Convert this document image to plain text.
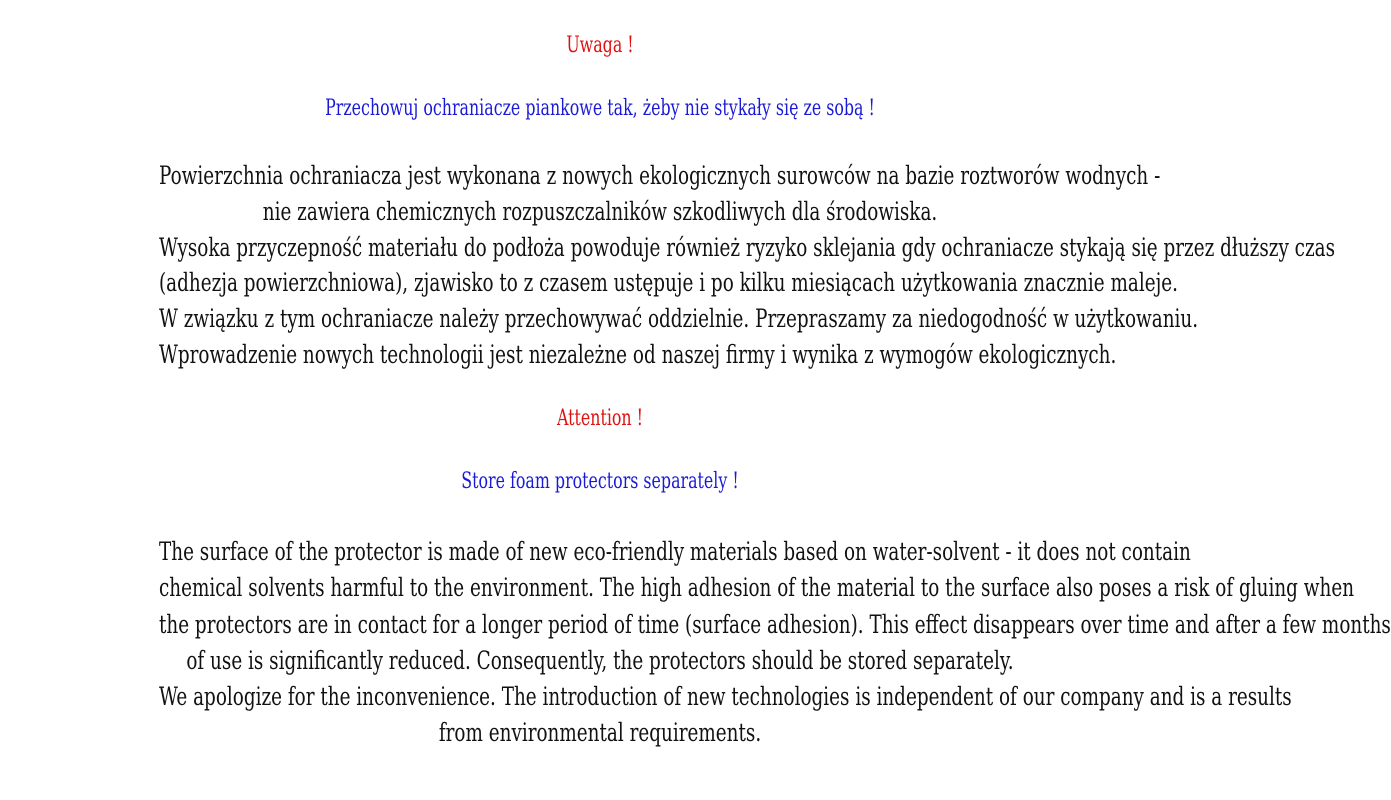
Uwaga !
Przechowuj ochraniacze piankowe tak, żeby nie stykały się ze sobą !
Powierzchnia ochraniacza jest wykonana z nowych ekologicznych surowców na bazie roztworów wodnych -
nie zawiera chemicznych rozpuszczalników szkodliwych dla środowiska.
Wysoka przyczepność materiału do podłoża powoduje również ryzyko sklejania gdy ochraniacze stykają się przez dłuższy czas
(adhezja powierzchniowa), zjawisko to z czasem ustępuje i po kilku miesiącach użytkowania znacznie maleje.
W związku z tym ochraniacze należy przechowywać oddzielnie. Przepraszamy za niedogodność w użytkowaniu.
Wprowadzenie nowych technologii jest niezależne od naszej firmy i wynika z wymogów ekologicznych.
Attention !
Store foam protectors separately !
The surface of the protector is made of new eco-friendly materials based on water-solvent - it does not contain
chemical solvents harmful to the environment. The high adhesion of the material to the surface also poses a risk of gluing when
the protectors are in contact for a longer period of time (surface adhesion). This effect disappears over time and after a few months
of use is significantly reduced. Consequently, the protectors should be stored separately.
We apologize for the inconvenience. The introduction of new technologies is independent of our company and is a results
from environmental requirements.
